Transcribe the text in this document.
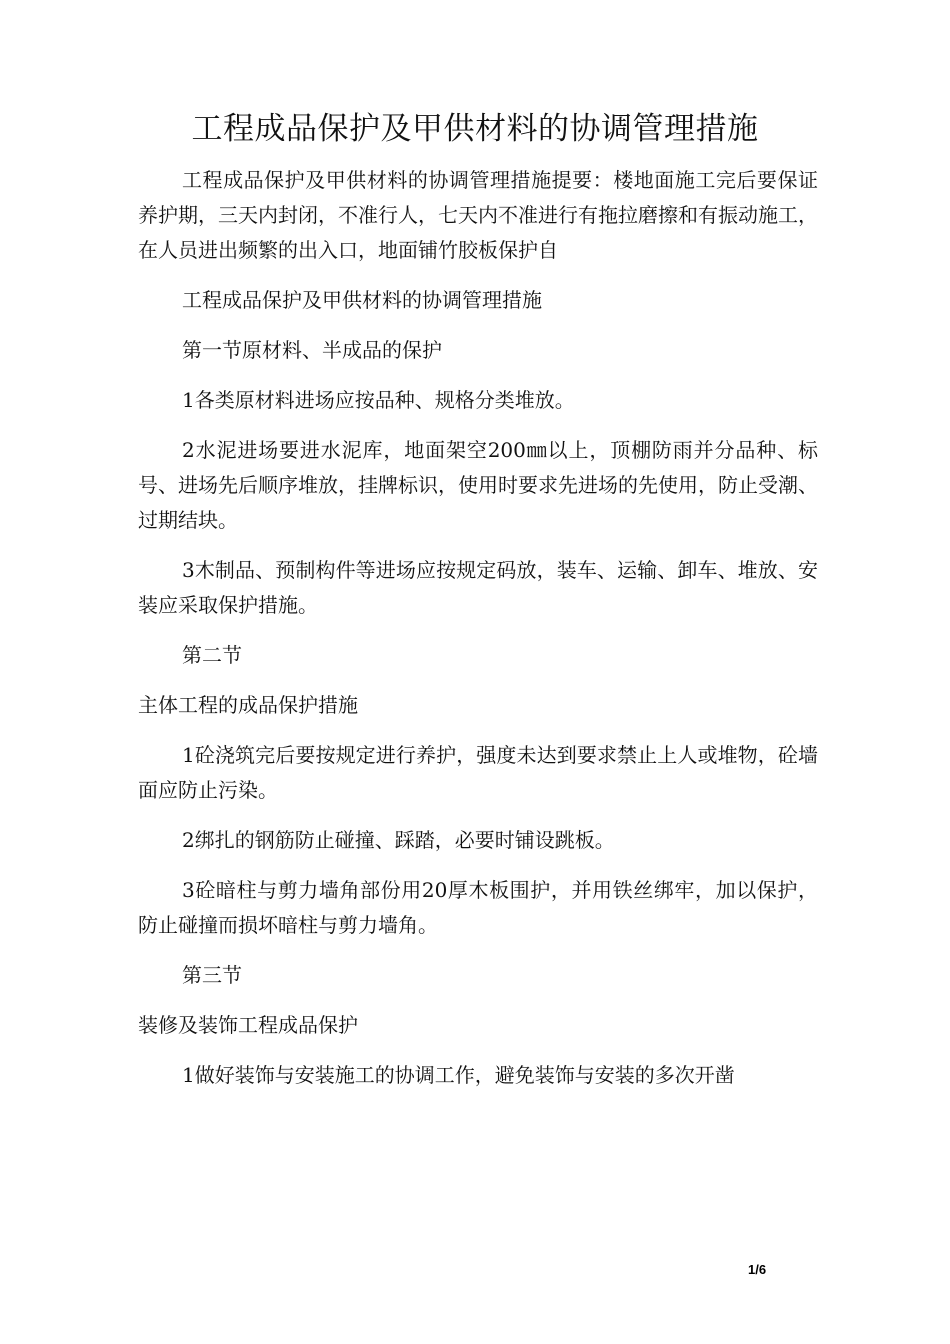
工程成品保护及甲供材料的协调管理措施

工程成品保护及甲供材料的协调管理措施提要：楼地面施工完后要保证养护期，三天内封闭，不准行人，七天内不准进行有拖拉磨擦和有振动施工，在人员进出频繁的出入口，地面铺竹胶板保护自

工程成品保护及甲供材料的协调管理措施

第一节原材料、半成品的保护

1各类原材料进场应按品种、规格分类堆放。

2水泥进场要进水泥库，地面架空200㎜以上，顶棚防雨并分品种、标号、进场先后顺序堆放，挂牌标识，使用时要求先进场的先使用，防止受潮、过期结块。

3木制品、预制构件等进场应按规定码放，装车、运输、卸车、堆放、安装应采取保护措施。

第二节

主体工程的成品保护措施

1砼浇筑完后要按规定进行养护，强度未达到要求禁止上人或堆物，砼墙面应防止污染。

2绑扎的钢筋防止碰撞、踩踏，必要时铺设跳板。

3砼暗柱与剪力墙角部份用20厚木板围护，并用铁丝绑牢，加以保护，防止碰撞而损坏暗柱与剪力墙角。

第三节

装修及装饰工程成品保护

1做好装饰与安装施工的协调工作，避免装饰与安装的多次开凿

1/6
